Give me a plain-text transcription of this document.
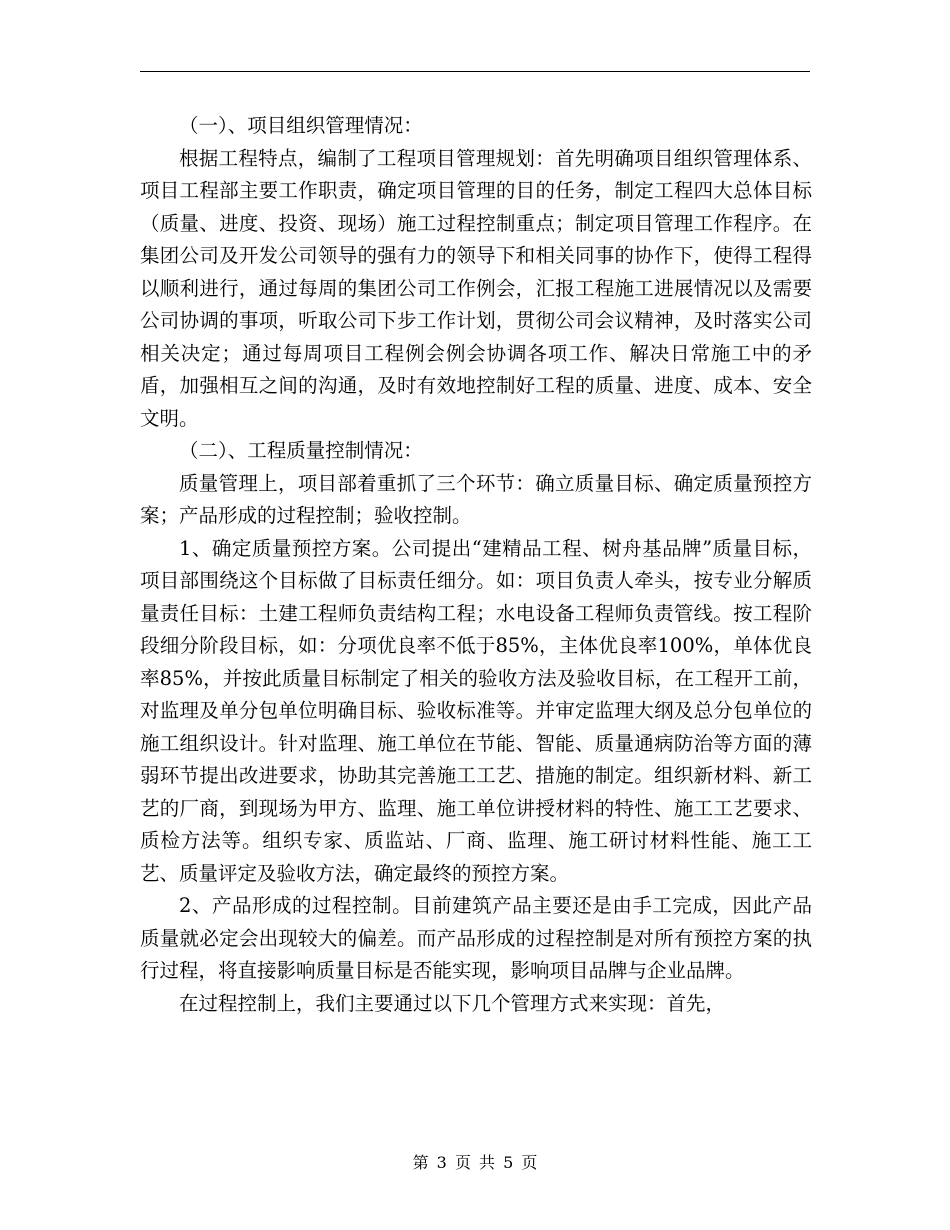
（一）、项目组织管理情况：

根据工程特点，编制了工程项目管理规划：首先明确项目组织管理体系、项目工程部主要工作职责，确定项目管理的目的任务，制定工程四大总体目标（质量、进度、投资、现场）施工过程控制重点；制定项目管理工作程序。在集团公司及开发公司领导的强有力的领导下和相关同事的协作下，使得工程得以顺利进行，通过每周的集团公司工作例会，汇报工程施工进展情况以及需要公司协调的事项，听取公司下步工作计划，贯彻公司会议精神，及时落实公司相关决定；通过每周项目工程例会例会协调各项工作、解决日常施工中的矛盾，加强相互之间的沟通，及时有效地控制好工程的质量、进度、成本、安全文明。

（二）、工程质量控制情况：

质量管理上，项目部着重抓了三个环节：确立质量目标、确定质量预控方案；产品形成的过程控制；验收控制。

1、确定质量预控方案。公司提出“建精品工程、树舟基品牌”质量目标，项目部围绕这个目标做了目标责任细分。如：项目负责人牵头，按专业分解质量责任目标：土建工程师负责结构工程；水电设备工程师负责管线。按工程阶段细分阶段目标，如：分项优良率不低于85%，主体优良率100%，单体优良率85%，并按此质量目标制定了相关的验收方法及验收目标，在工程开工前，对监理及单分包单位明确目标、验收标准等。并审定监理大纲及总分包单位的施工组织设计。针对监理、施工单位在节能、智能、质量通病防治等方面的薄弱环节提出改进要求，协助其完善施工工艺、措施的制定。组织新材料、新工艺的厂商，到现场为甲方、监理、施工单位讲授材料的特性、施工工艺要求、质检方法等。组织专家、质监站、厂商、监理、施工研讨材料性能、施工工艺、质量评定及验收方法，确定最终的预控方案。

2、产品形成的过程控制。目前建筑产品主要还是由手工完成，因此产品质量就必定会出现较大的偏差。而产品形成的过程控制是对所有预控方案的执行过程，将直接影响质量目标是否能实现，影响项目品牌与企业品牌。

在过程控制上，我们主要通过以下几个管理方式来实现：首先，

第 3 页 共 5 页
